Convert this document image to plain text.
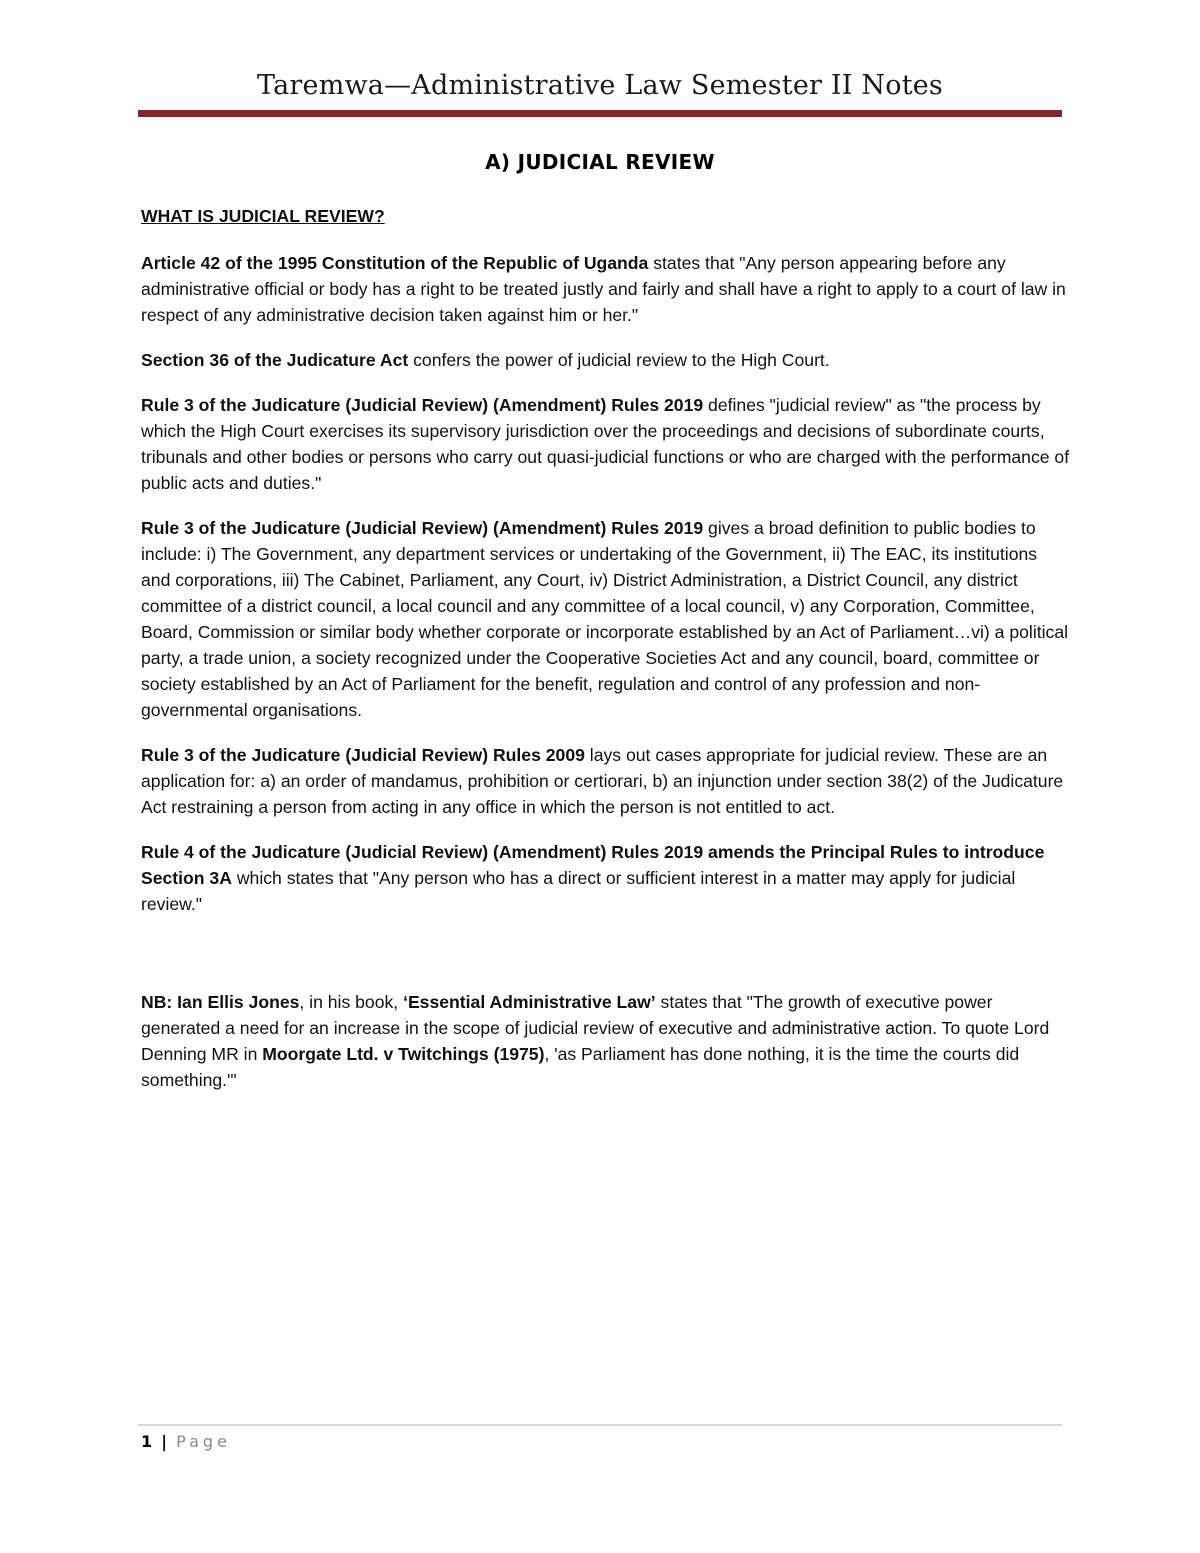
Taremwa—Administrative Law Semester II Notes
A) JUDICIAL REVIEW

WHAT IS JUDICIAL REVIEW?

Article 42 of the 1995 Constitution of the Republic of Uganda states that "Any person appearing before any administrative official or body has a right to be treated justly and fairly and shall have a right to apply to a court of law in respect of any administrative decision taken against him or her."

Section 36 of the Judicature Act confers the power of judicial review to the High Court.

Rule 3 of the Judicature (Judicial Review) (Amendment) Rules 2019 defines "judicial review" as "the process by which the High Court exercises its supervisory jurisdiction over the proceedings and decisions of subordinate courts, tribunals and other bodies or persons who carry out quasi-judicial functions or who are charged with the performance of public acts and duties."

Rule 3 of the Judicature (Judicial Review) (Amendment) Rules 2019 gives a broad definition to public bodies to include: i) The Government, any department services or undertaking of the Government, ii) The EAC, its institutions and corporations, iii) The Cabinet, Parliament, any Court, iv) District Administration, a District Council, any district committee of a district council, a local council and any committee of a local council, v) any Corporation, Committee, Board, Commission or similar body whether corporate or incorporate established by an Act of Parliament…vi) a political party, a trade union, a society recognized under the Cooperative Societies Act and any council, board, committee or society established by an Act of Parliament for the benefit, regulation and control of any profession and non-governmental organisations.

Rule 3 of the Judicature (Judicial Review) Rules 2009 lays out cases appropriate for judicial review. These are an application for: a) an order of mandamus, prohibition or certiorari, b) an injunction under section 38(2) of the Judicature Act restraining a person from acting in any office in which the person is not entitled to act.

Rule 4 of the Judicature (Judicial Review) (Amendment) Rules 2019 amends the Principal Rules to introduce Section 3A which states that "Any person who has a direct or sufficient interest in a matter may apply for judicial review."

NB: Ian Ellis Jones, in his book, ‘Essential Administrative Law’ states that "The growth of executive power generated a need for an increase in the scope of judicial review of executive and administrative action. To quote Lord Denning MR in Moorgate Ltd. v Twitchings (1975), 'as Parliament has done nothing, it is the time the courts did something.'"

1 | Page
